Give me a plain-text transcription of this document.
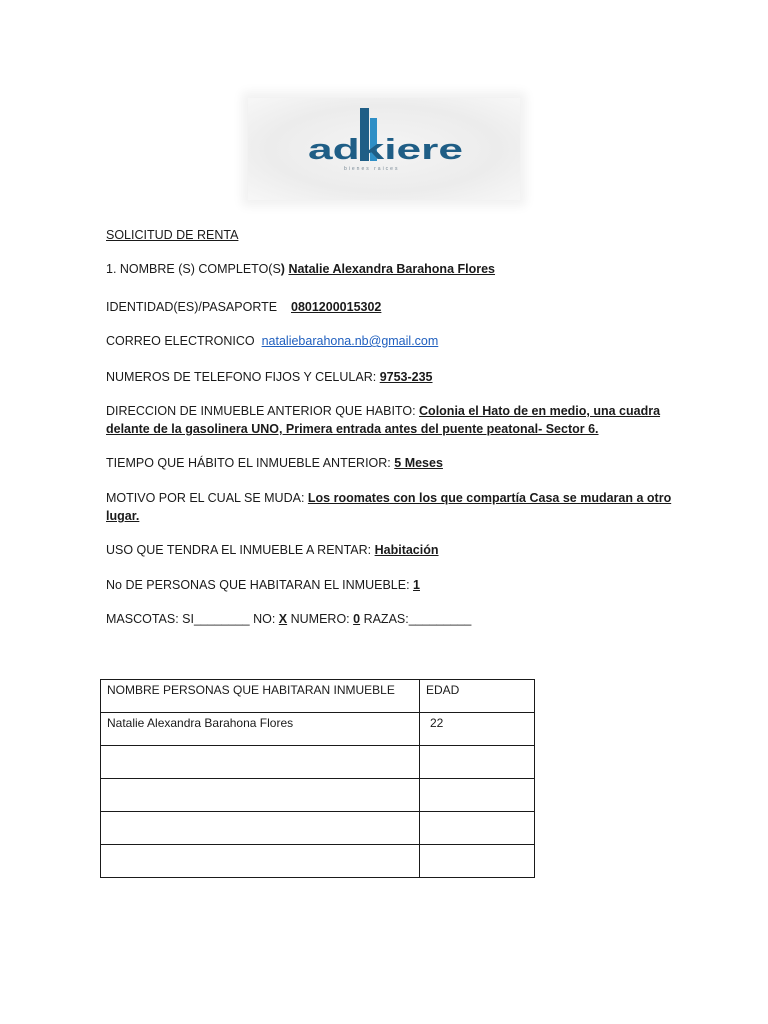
adkiere
bienes raices
SOLICITUD DE RENTA
1. NOMBRE (S) COMPLETO(S) Natalie Alexandra Barahona Flores
IDENTIDAD(ES)/PASAPORTE 0801200015302
CORREO ELECTRONICO nataliebarahona.nb@gmail.com
NUMEROS DE TELEFONO FIJOS Y CELULAR: 9753-235
DIRECCION DE INMUEBLE ANTERIOR QUE HABITO: Colonia el Hato de en medio, una cuadra
delante de la gasolinera UNO, Primera entrada antes del puente peatonal- Sector 6.
TIEMPO QUE HÁBITO EL INMUEBLE ANTERIOR: 5 Meses
MOTIVO POR EL CUAL SE MUDA: Los roomates con los que compartía Casa se mudaran a otro
lugar.
USO QUE TENDRA EL INMUEBLE A RENTAR: Habitación
No DE PERSONAS QUE HABITARAN EL INMUEBLE: 1
MASCOTAS: SI________ NO: X NUMERO: 0 RAZAS:_________
NOMBRE PERSONAS QUE HABITARAN INMUEBLE	EDAD
Natalie Alexandra Barahona Flores	22
